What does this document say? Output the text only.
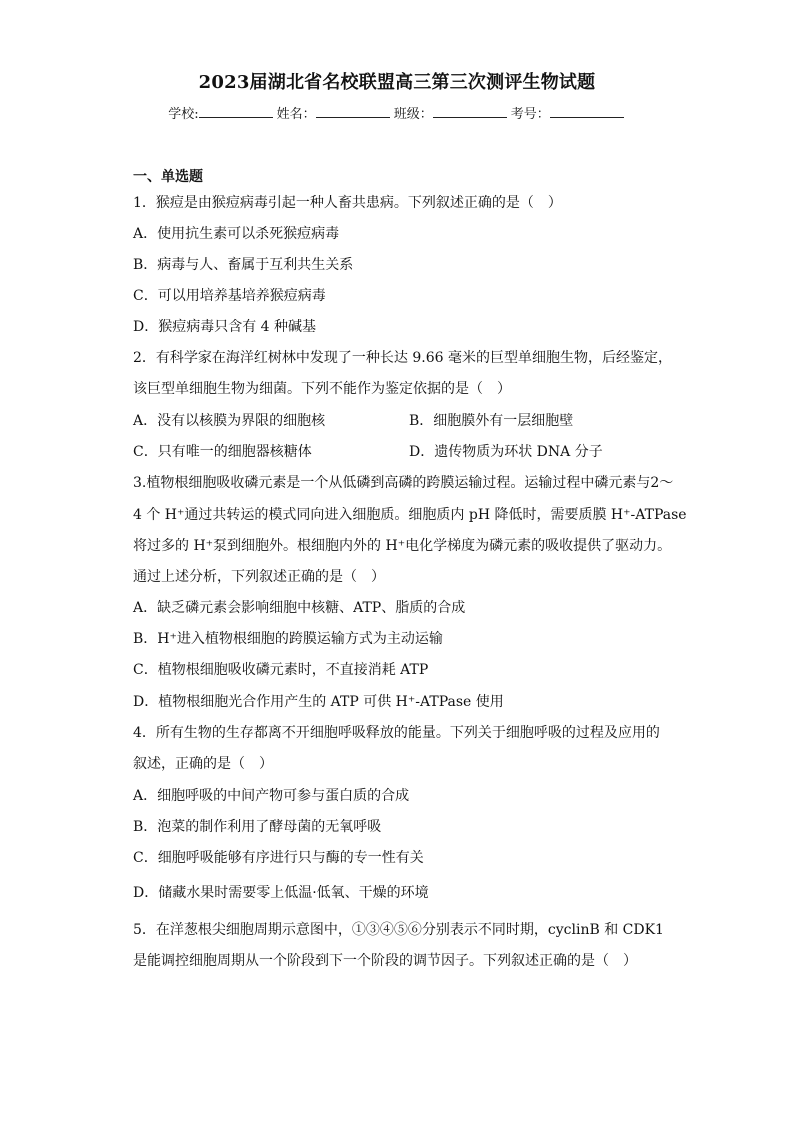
2023届湖北省名校联盟高三第三次测评生物试题
学校:	姓名：	班级：	考号：
一、单选题
1．猴痘是由猴痘病毒引起一种人畜共患病。下列叙述正确的是（　）
A．使用抗生素可以杀死猴痘病毒
B．病毒与人、畜属于互利共生关系
C．可以用培养基培养猴痘病毒
D．猴痘病毒只含有 4 种碱基
2．有科学家在海洋红树林中发现了一种长达 9.66 毫米的巨型单细胞生物，后经鉴定，
该巨型单细胞生物为细菌。下列不能作为鉴定依据的是（　）
A．没有以核膜为界限的细胞核	B．细胞膜外有一层细胞壁
C．只有唯一的细胞器核糖体	D．遗传物质为环状 DNA 分子
3.植物根细胞吸收磷元素是一个从低磷到高磷的跨膜运输过程。运输过程中磷元素与2～
4 个 H⁺通过共转运的模式同向进入细胞质。细胞质内 pH 降低时，需要质膜 H⁺-ATPase
将过多的 H⁺泵到细胞外。根细胞内外的 H⁺电化学梯度为磷元素的吸收提供了驱动力。
通过上述分析，下列叙述正确的是（　）
A．缺乏磷元素会影响细胞中核糖、ATP、脂质的合成
B．H⁺进入植物根细胞的跨膜运输方式为主动运输
C．植物根细胞吸收磷元素时，不直接消耗 ATP
D．植物根细胞光合作用产生的 ATP 可供 H⁺-ATPase 使用
4．所有生物的生存都离不开细胞呼吸释放的能量。下列关于细胞呼吸的过程及应用的
叙述，正确的是（　）
A．细胞呼吸的中间产物可参与蛋白质的合成
B．泡菜的制作利用了酵母菌的无氧呼吸
C．细胞呼吸能够有序进行只与酶的专一性有关
D．储藏水果时需要零上低温·低氧、干燥的环境
5．在洋葱根尖细胞周期示意图中，①③④⑤⑥分别表示不同时期，cyclinB 和 CDK1
是能调控细胞周期从一个阶段到下一个阶段的调节因子。下列叙述正确的是（　）
